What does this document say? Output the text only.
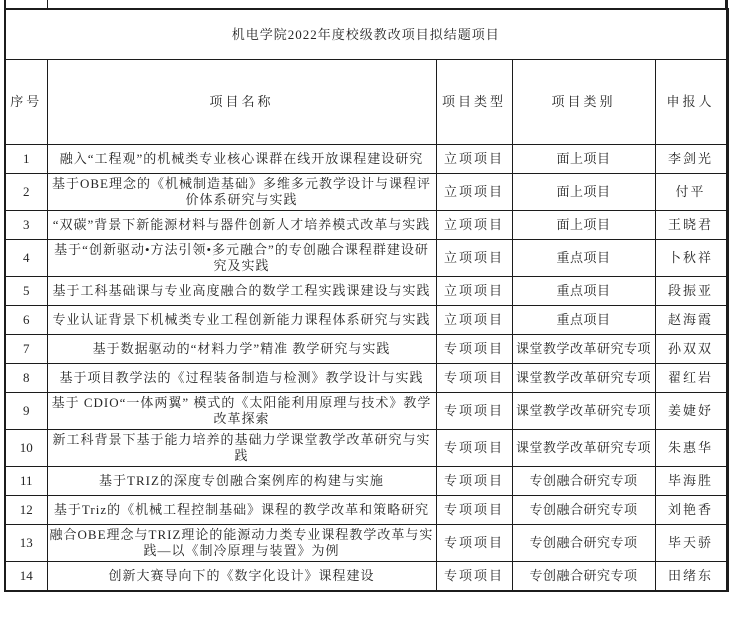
机电学院2022年度校级教改项目拟结题项目				
序号	项目名称	项目类型	项目类别	申报人
1	融入“工程观”的机械类专业核心课群在线开放课程建设研究	立项项目	面上项目	李剑光
2	基于OBE理念的《机械制造基础》多维多元教学设计与课程评价体系研究与实践	立项项目	面上项目	付平
3	“双碳”背景下新能源材料与器件创新人才培养模式改革与实践	立项项目	面上项目	王晓君
4	基于“创新驱动•方法引领•多元融合”的专创融合课程群建设研究及实践	立项项目	重点项目	卜秋祥
5	基于工科基础课与专业高度融合的数学工程实践课建设与实践	立项项目	重点项目	段振亚
6	专业认证背景下机械类专业工程创新能力课程体系研究与实践	立项项目	重点项目	赵海霞
7	基于数据驱动的“材料力学”精准 教学研究与实践	专项项目	课堂教学改革研究专项	孙双双
8	基于项目教学法的《过程装备制造与检测》教学设计与实践	专项项目	课堂教学改革研究专项	翟红岩
9	基于 CDIO“一体两翼” 模式的《太阳能利用原理与技术》教学改革探索	专项项目	课堂教学改革研究专项	姜婕妤
10	新工科背景下基于能力培养的基础力学课堂教学改革研究与实践	专项项目	课堂教学改革研究专项	朱惠华
11	基于TRIZ的深度专创融合案例库的构建与实施	专项项目	专创融合研究专项	毕海胜
12	基于Triz的《机械工程控制基础》课程的教学改革和策略研究	专项项目	专创融合研究专项	刘艳香
13	融合OBE理念与TRIZ理论的能源动力类专业课程教学改革与实践—以《制冷原理与装置》为例	专项项目	专创融合研究专项	毕天骄
14	创新大赛导向下的《数字化设计》课程建设	专项项目	专创融合研究专项	田绪东
